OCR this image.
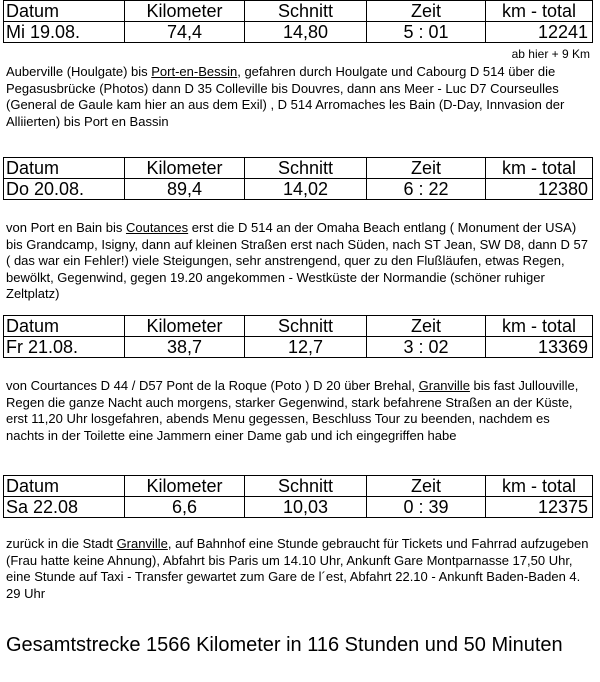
Datum	Kilometer	Schnitt	Zeit	km - total
Mi 19.08.	74,4	14,80	5 : 01	12241
ab hier + 9 Km
Auberville (Houlgate) bis Port-en-Bessin, gefahren durch Houlgate und Cabourg D 514 über die Pegasusbrücke (Photos) dann D 35 Colleville bis Douvres, dann ans Meer - Luc D7 Courseulles (General de Gaule kam hier an aus dem Exil) , D 514 Arromaches les Bain (D-Day, Innvasion der Alliierten) bis Port en Bassin
Datum	Kilometer	Schnitt	Zeit	km - total
Do 20.08.	89,4	14,02	6 : 22	12380
von Port en Bain bis Coutances erst die D 514 an der Omaha Beach entlang ( Monument der USA) bis Grandcamp, Isigny, dann auf kleinen Straßen erst nach Süden, nach ST Jean, SW D8, dann D 57 ( das war ein Fehler!) viele Steigungen, sehr anstrengend, quer zu den Flußläufen, etwas Regen, bewölkt, Gegenwind, gegen 19.20 angekommen - Westküste der Normandie (schöner ruhiger Zeltplatz)
Datum	Kilometer	Schnitt	Zeit	km - total
Fr 21.08.	38,7	12,7	3 : 02	13369
von Courtances D 44 / D57 Pont de la Roque (Poto ) D 20 über Brehal, Granville bis fast Jullouville, Regen die ganze Nacht auch morgens, starker Gegenwind, stark befahrene Straßen an der Küste, erst 11,20 Uhr losgefahren, abends Menu gegessen, Beschluss Tour zu beenden, nachdem es nachts in der Toilette eine Jammern einer Dame gab und ich eingegriffen habe
Datum	Kilometer	Schnitt	Zeit	km - total
Sa 22.08	6,6	10,03	0 : 39	12375
zurück in die Stadt Granville, auf Bahnhof eine Stunde gebraucht für Tickets und Fahrrad aufzugeben (Frau hatte keine Ahnung), Abfahrt bis Paris um 14.10 Uhr, Ankunft Gare Montparnasse 17,50 Uhr, eine Stunde auf Taxi - Transfer gewartet zum Gare de l´est, Abfahrt 22.10 - Ankunft Baden-Baden 4. 29 Uhr
Gesamtstrecke 1566 Kilometer in 116 Stunden und 50 Minuten
